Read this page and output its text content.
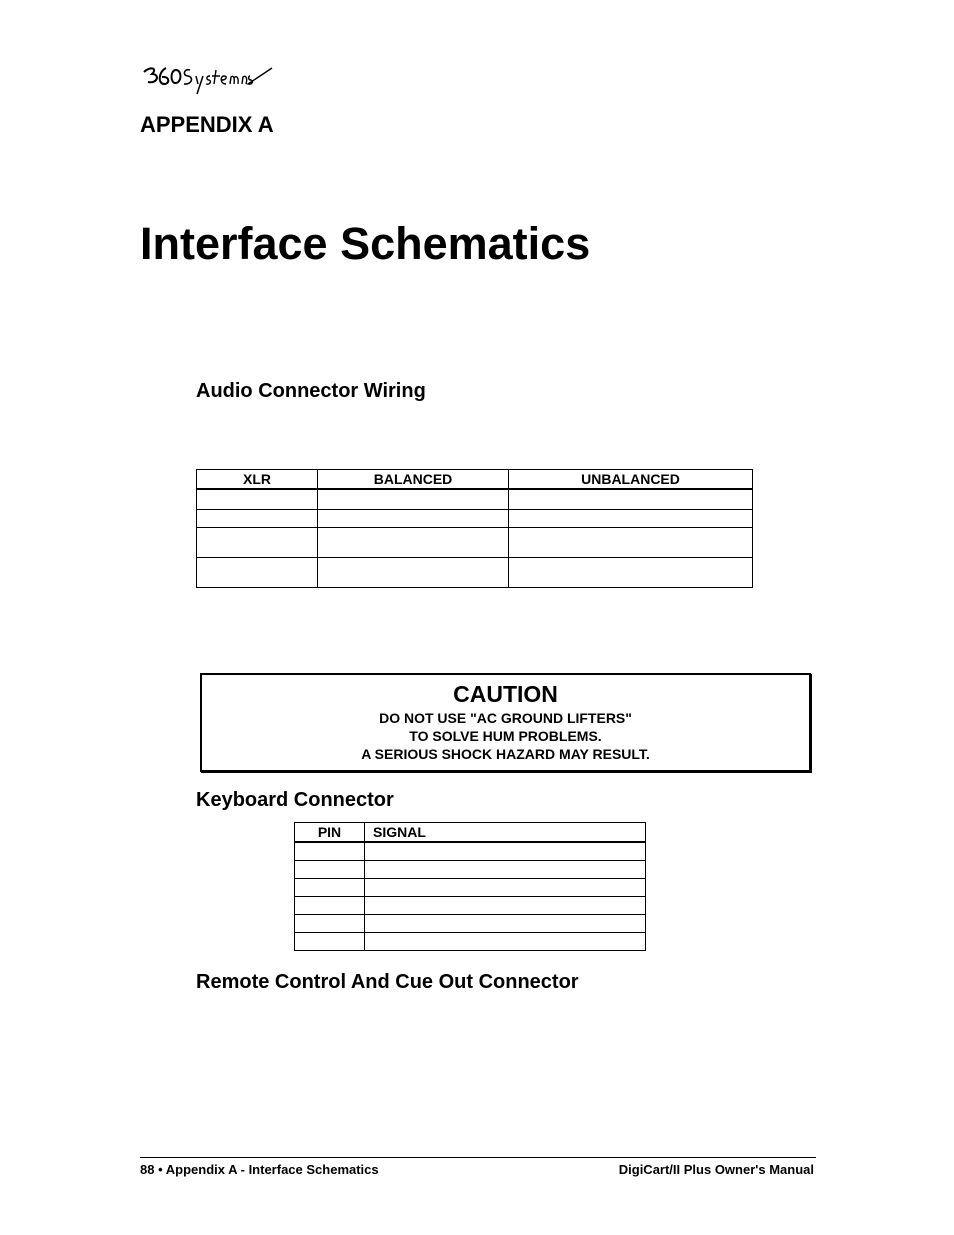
APPENDIX A
Interface Schematics
Audio Connector Wiring
XLR	BALANCED	UNBALANCED

CAUTION
DO NOT USE "AC GROUND LIFTERS"
TO SOLVE HUM PROBLEMS.
A SERIOUS SHOCK HAZARD MAY RESULT.
Keyboard Connector
PIN	SIGNAL

Remote Control And Cue Out Connector
88 • Appendix A - Interface Schematics	DigiCart/II Plus Owner's Manual
